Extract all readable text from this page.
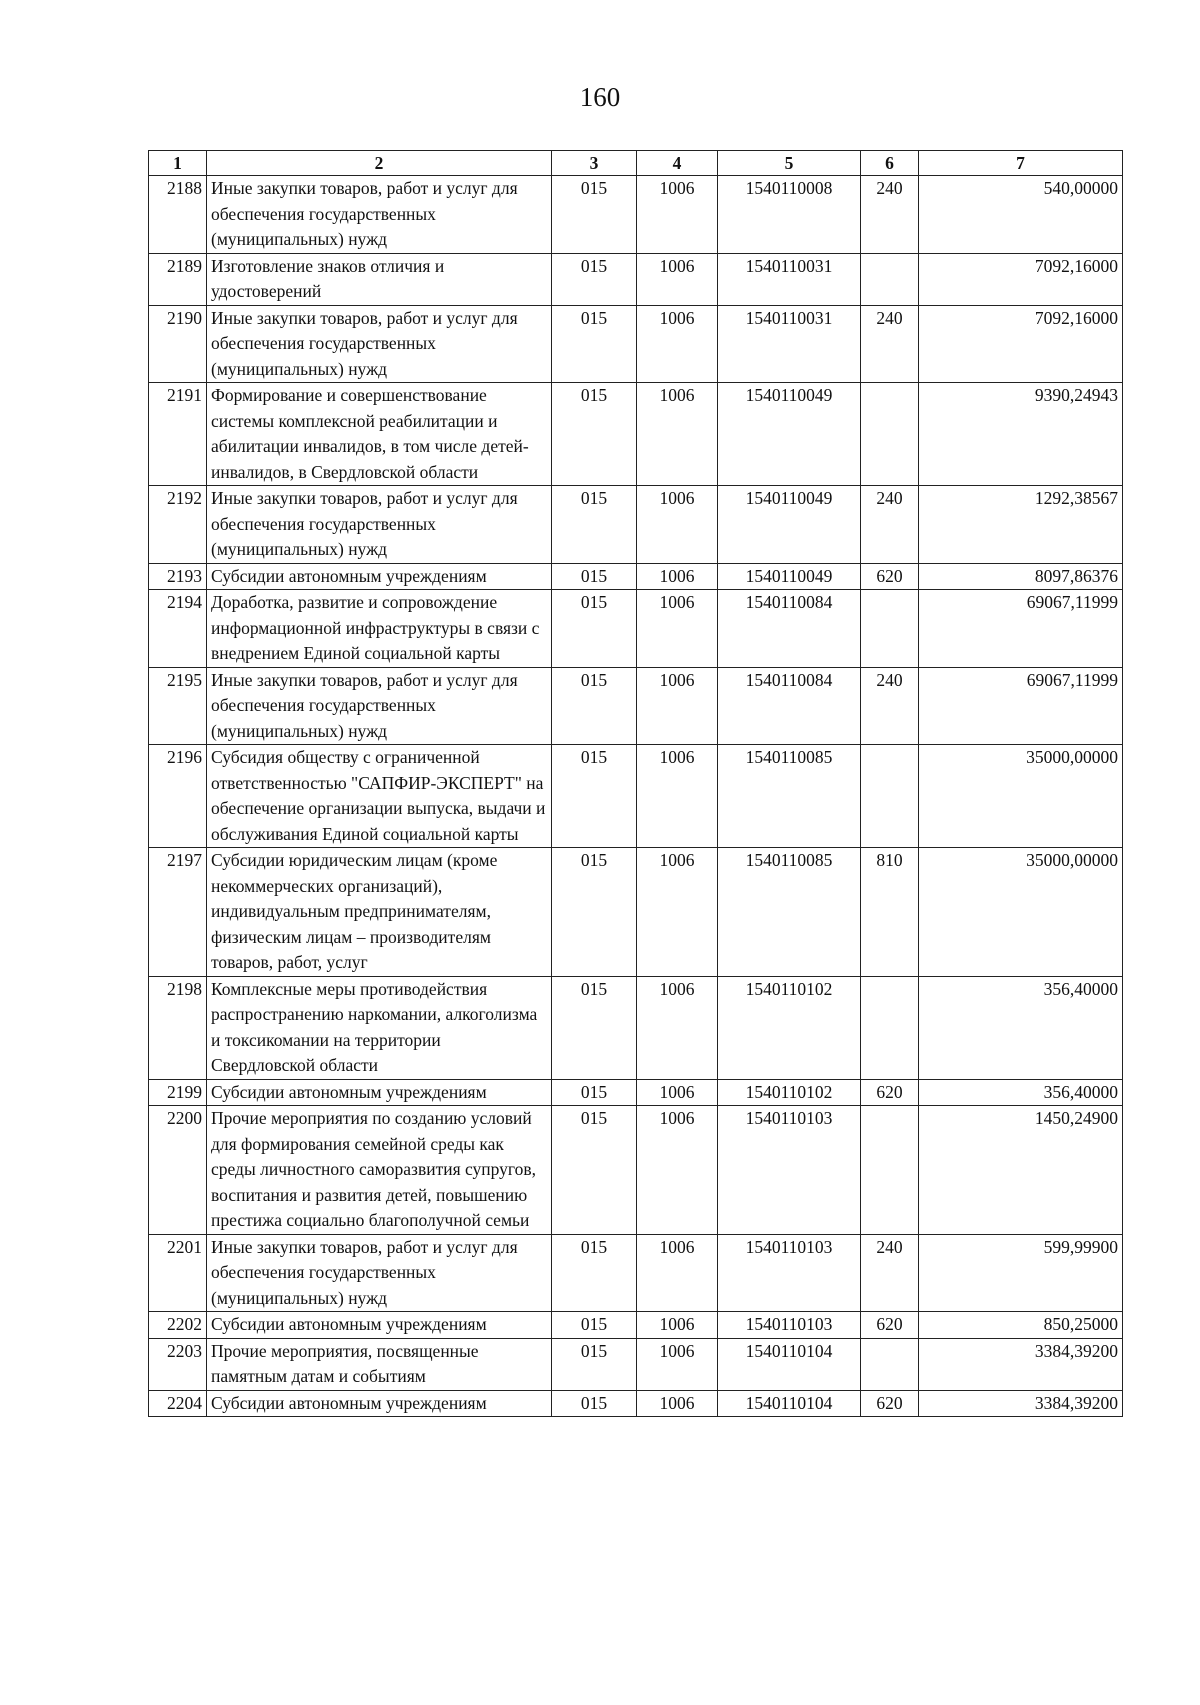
160
1	2	3	4	5	6	7
2188	Иные закупки товаров, работ и услуг для обеспечения государственных (муниципальных) нужд	015	1006	1540110008	240	540,00000
2189	Изготовление знаков отличия и удостоверений	015	1006	1540110031		7092,16000
2190	Иные закупки товаров, работ и услуг для обеспечения государственных (муниципальных) нужд	015	1006	1540110031	240	7092,16000
2191	Формирование и совершенствование системы комплексной реабилитации и абилитации инвалидов, в том числе детей-инвалидов, в Свердловской области	015	1006	1540110049		9390,24943
2192	Иные закупки товаров, работ и услуг для обеспечения государственных (муниципальных) нужд	015	1006	1540110049	240	1292,38567
2193	Субсидии автономным учреждениям	015	1006	1540110049	620	8097,86376
2194	Доработка, развитие и сопровождение информационной инфраструктуры в связи с внедрением Единой социальной карты	015	1006	1540110084		69067,11999
2195	Иные закупки товаров, работ и услуг для обеспечения государственных (муниципальных) нужд	015	1006	1540110084	240	69067,11999
2196	Субсидия обществу с ограниченной ответственностью "САПФИР-ЭКСПЕРТ" на обеспечение организации выпуска, выдачи и обслуживания Единой социальной карты	015	1006	1540110085		35000,00000
2197	Субсидии юридическим лицам (кроме некоммерческих организаций), индивидуальным предпринимателям, физическим лицам – производителям товаров, работ, услуг	015	1006	1540110085	810	35000,00000
2198	Комплексные меры противодействия распространению наркомании, алкоголизма и токсикомании на территории Свердловской области	015	1006	1540110102		356,40000
2199	Субсидии автономным учреждениям	015	1006	1540110102	620	356,40000
2200	Прочие мероприятия по созданию условий для формирования семейной среды как среды личностного саморазвития супругов, воспитания и развития детей, повышению престижа социально благополучной семьи	015	1006	1540110103		1450,24900
2201	Иные закупки товаров, работ и услуг для обеспечения государственных (муниципальных) нужд	015	1006	1540110103	240	599,99900
2202	Субсидии автономным учреждениям	015	1006	1540110103	620	850,25000
2203	Прочие мероприятия, посвященные памятным датам и событиям	015	1006	1540110104		3384,39200
2204	Субсидии автономным учреждениям	015	1006	1540110104	620	3384,39200
